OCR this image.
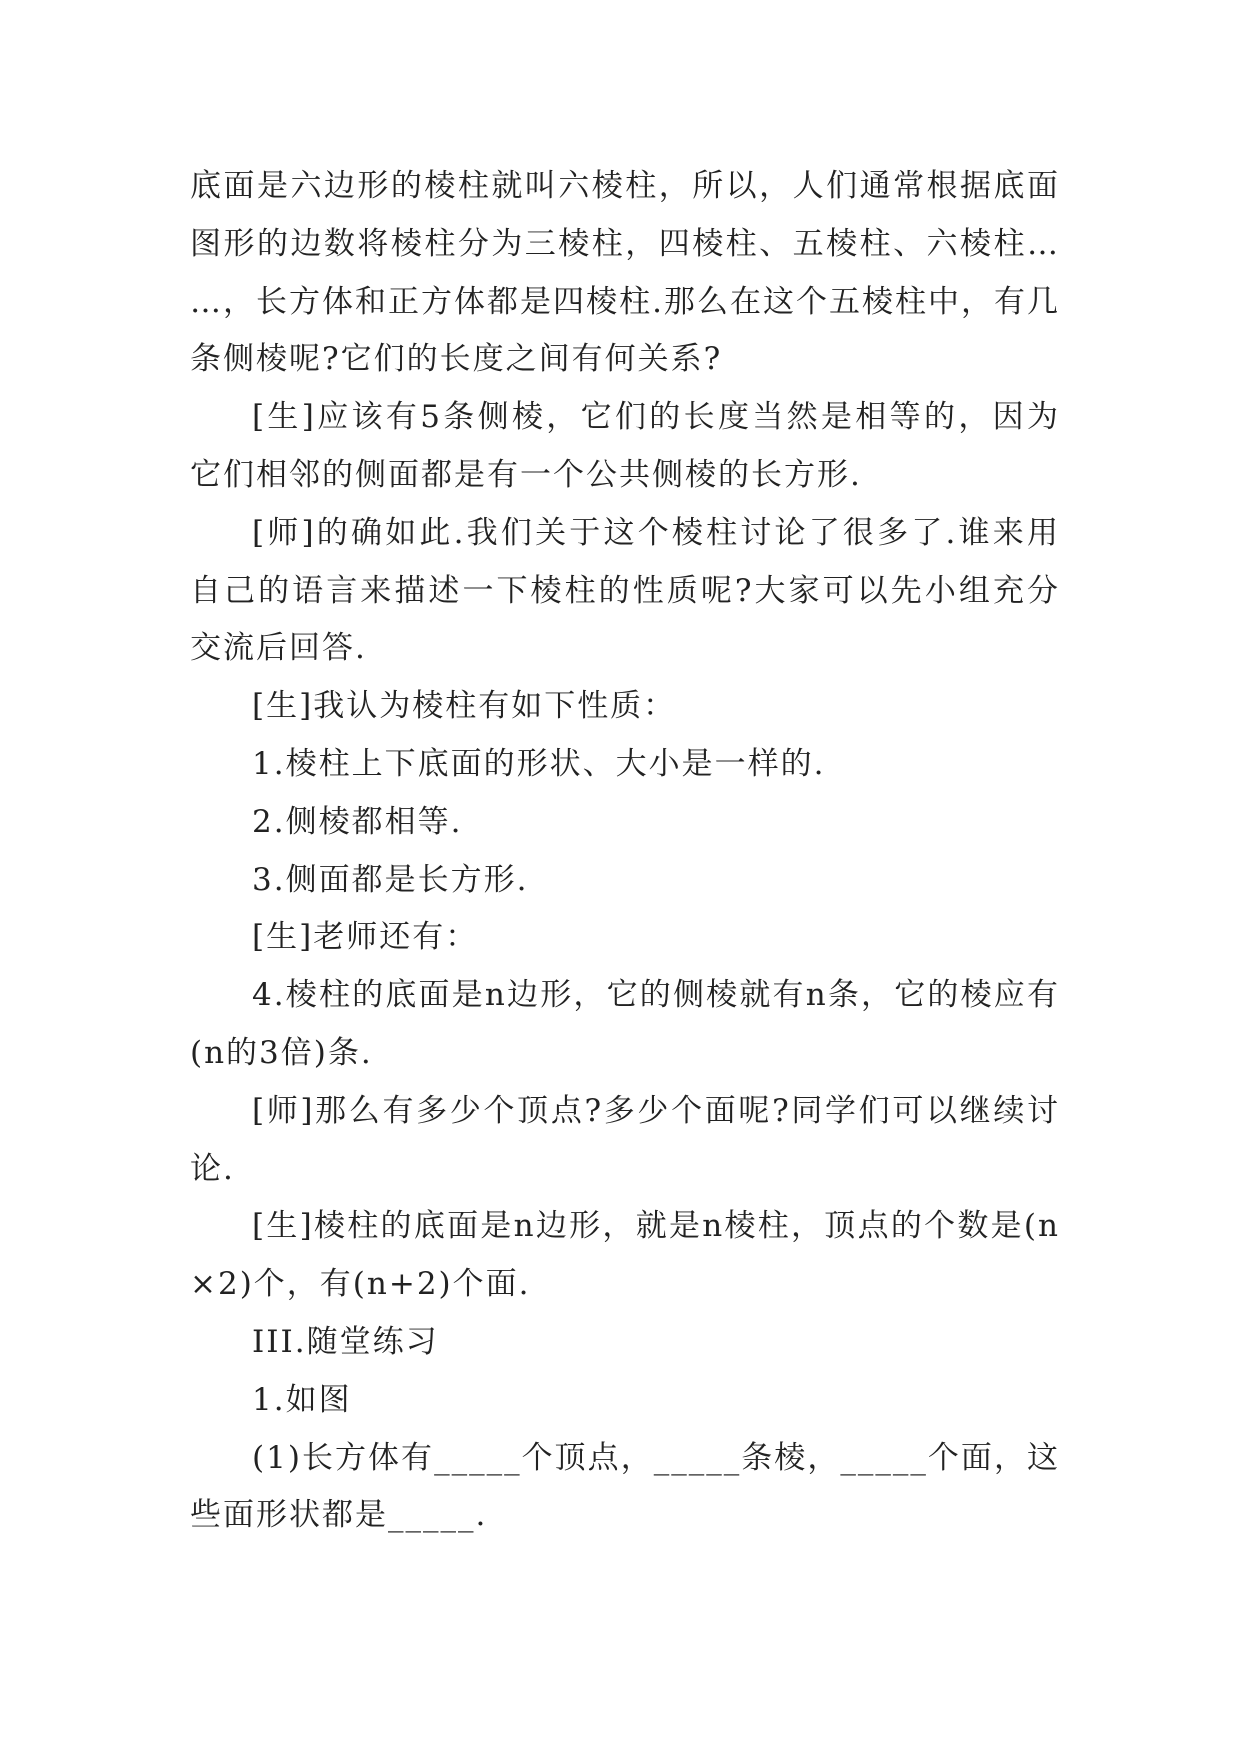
底面是六边形的棱柱就叫六棱柱，所以，人们通常根据底面图形的边数将棱柱分为三棱柱，四棱柱、五棱柱、六棱柱……，长方体和正方体都是四棱柱.那么在这个五棱柱中，有几条侧棱呢?它们的长度之间有何关系?

[生]应该有5条侧棱，它们的长度当然是相等的，因为它们相邻的侧面都是有一个公共侧棱的长方形.

[师]的确如此.我们关于这个棱柱讨论了很多了.谁来用自己的语言来描述一下棱柱的性质呢?大家可以先小组充分交流后回答.

[生]我认为棱柱有如下性质：

1.棱柱上下底面的形状、大小是一样的.

2.侧棱都相等.

3.侧面都是长方形.

[生]老师还有：

4.棱柱的底面是n边形，它的侧棱就有n条，它的棱应有(n的3倍)条.

[师]那么有多少个顶点?多少个面呢?同学们可以继续讨论.

[生]棱柱的底面是n边形，就是n棱柱，顶点的个数是(n×2)个，有(n+2)个面.

III.随堂练习

1.如图

(1)长方体有_____个顶点，_____条棱，_____个面，这些面形状都是_____.
